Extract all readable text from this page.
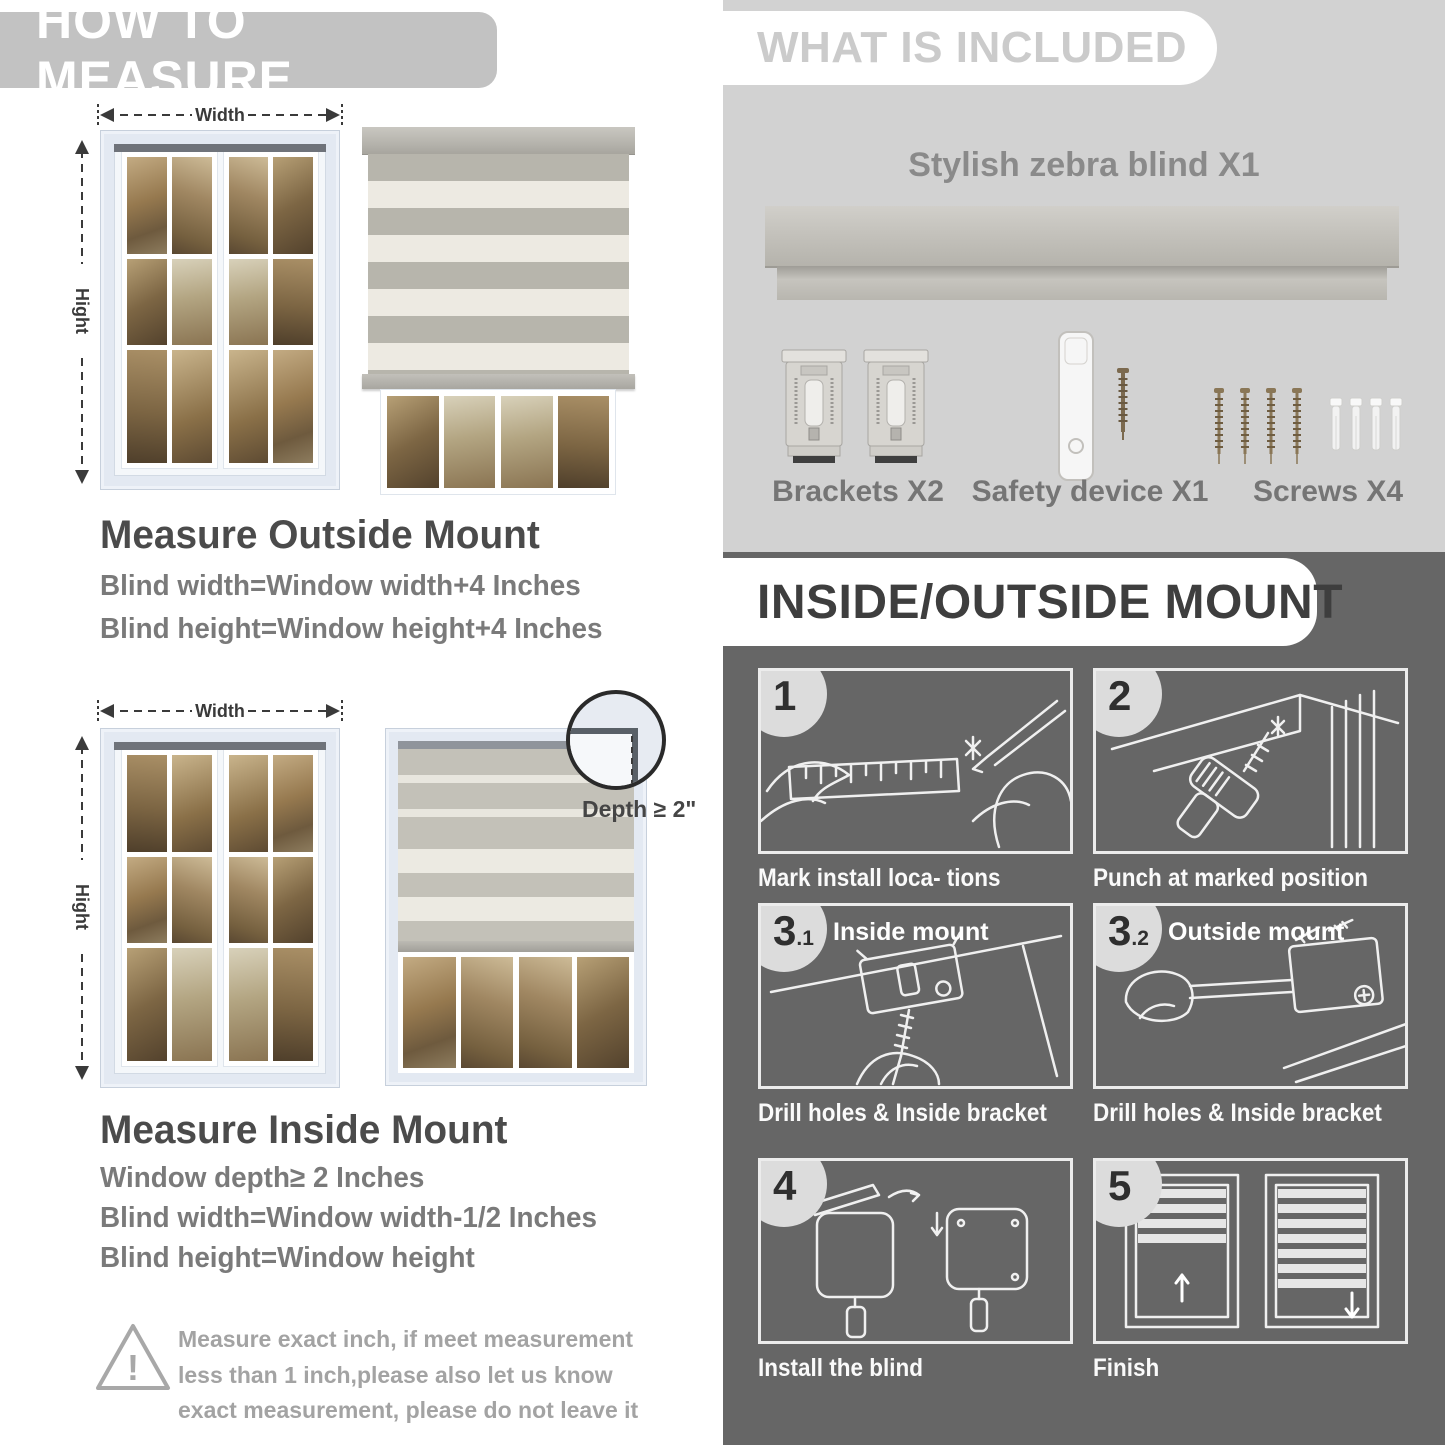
HOW TO MEASURE
Width
Hight
Measure Outside Mount
Blind width=Window width+4 Inches
Blind height=Window height+4 Inches
Width
Hight
Depth ≥ 2"
Measure Inside Mount
Window depth≥ 2 Inches
Blind width=Window width-1/2 Inches
Blind height=Window height
!
Measure exact inch, if meet measurement less than 1 inch,please also let us know exact measurement, please do not leave it
WHAT IS INCLUDED
Stylish zebra blind X1
Brackets X2 Safety device X1	Screws X4
INSIDE/OUTSIDE MOUNT
1
Mark install loca- tions
2
Punch at marked position
3.1 Inside mount
Drill holes & Inside bracket
3.2 Outside mount
Drill holes & Inside bracket
4
Install the blind
5
Finish
